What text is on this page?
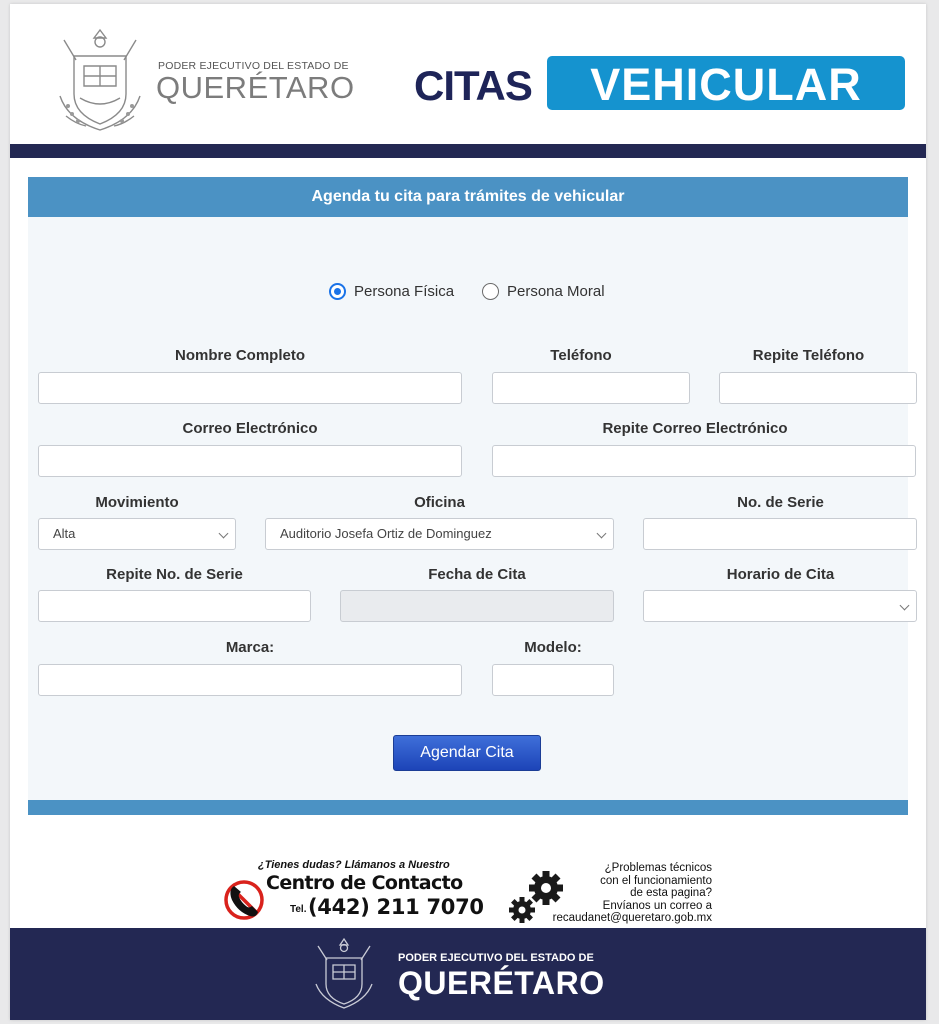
PODER EJECUTIVO DEL ESTADO DE
QUERÉTARO CITAS	VEHICULAR
Agenda tu cita para trámites de vehicular
Persona Física	Persona Moral
Nombre Completo	Teléfono	Repite Teléfono
Correo Electrónico	Repite Correo Electrónico
Movimiento	Oficina	No. de Serie
Alta	Auditorio Josefa Ortiz de Dominguez
Repite No. de Serie	Fecha de Cita	Horario de Cita
Marca:	Modelo:
Agendar Cita
¿Tienes dudas? Llámanos a Nuestro
Centro de Contacto
Tel. (442) 211 7070
¿Problemas técnicos
con el funcionamiento
de esta pagina?
Envíanos un correo a
recaudanet@queretaro.gob.mx
PODER EJECUTIVO DEL ESTADO DE
QUERÉTARO
